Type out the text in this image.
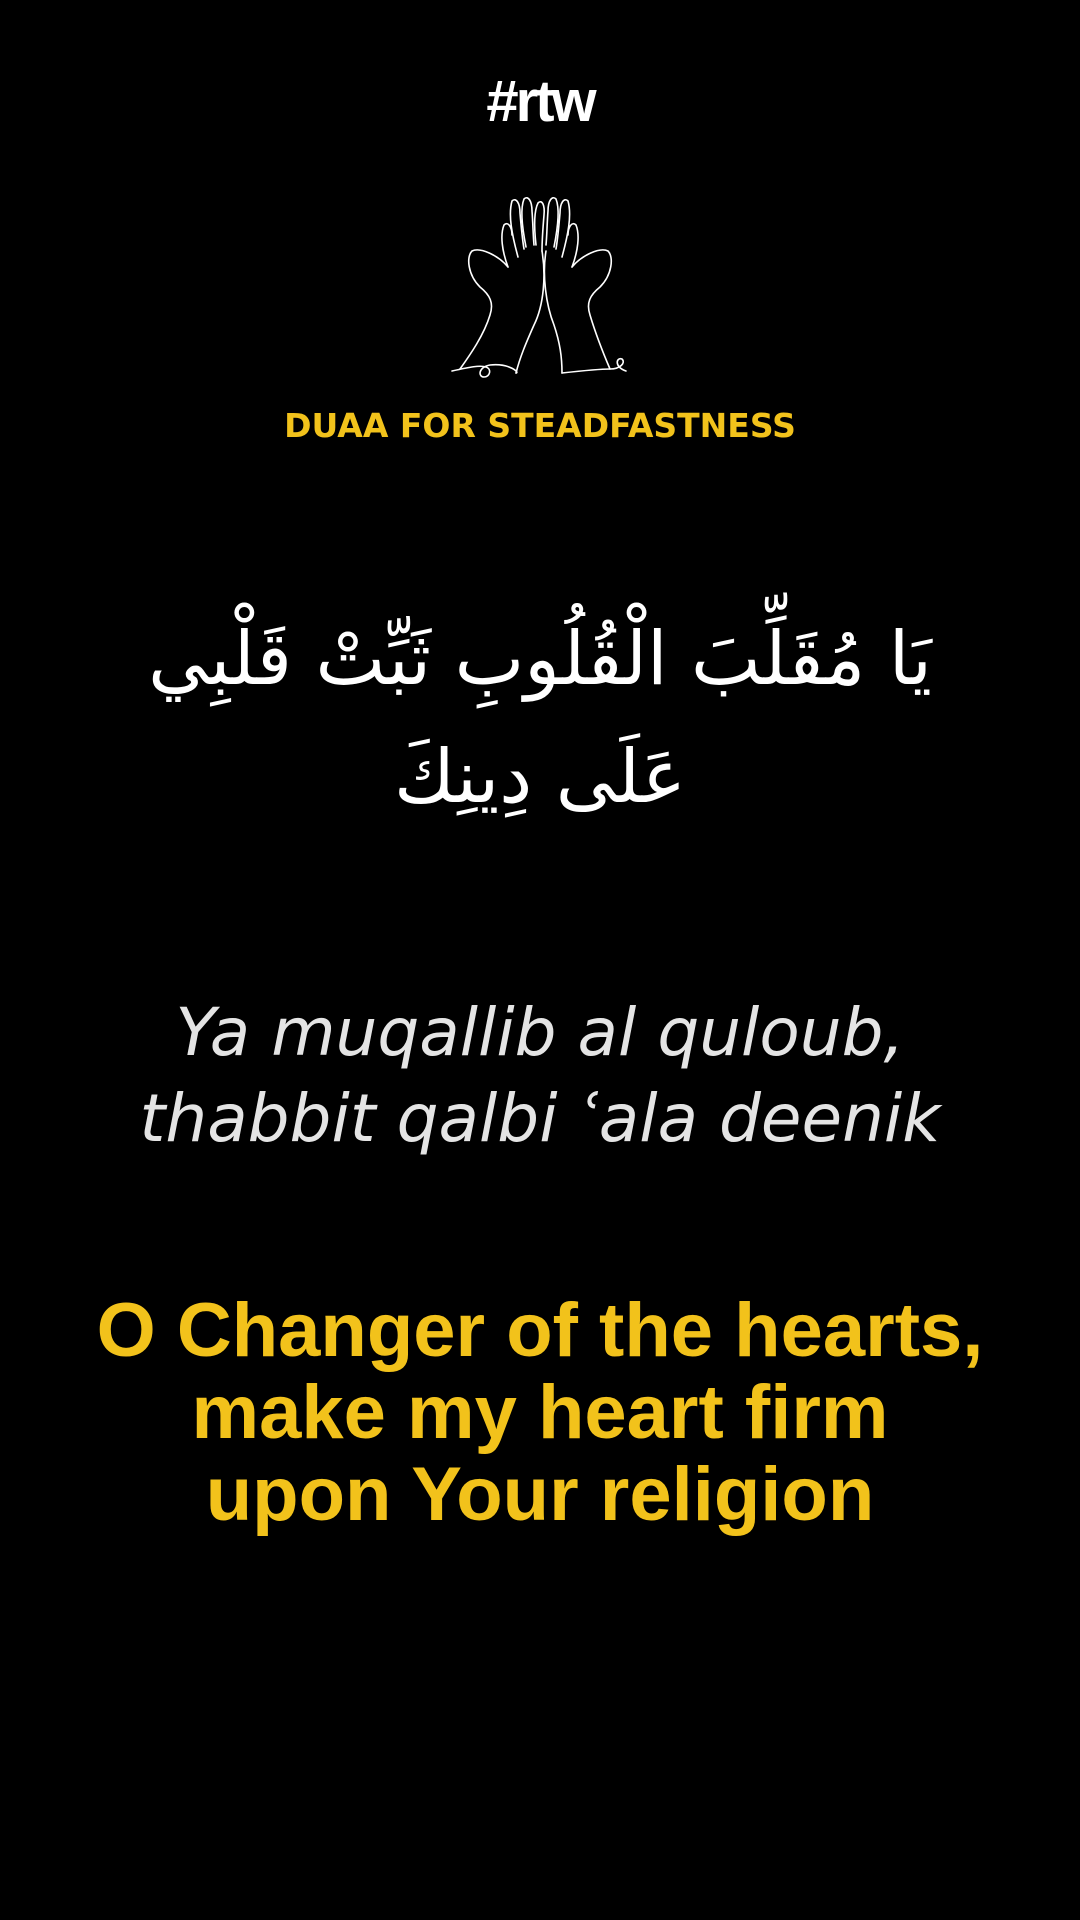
#rtw
DUAA FOR STEADFASTNESS
يَا مُقَلِّبَ الْقُلُوبِ ثَبِّتْ قَلْبِي عَلَى دِينِكَ
Ya muqallib al quloub, thabbit qalbi ʿala deenik
O Changer of the hearts, make my heart firm upon Your religion
